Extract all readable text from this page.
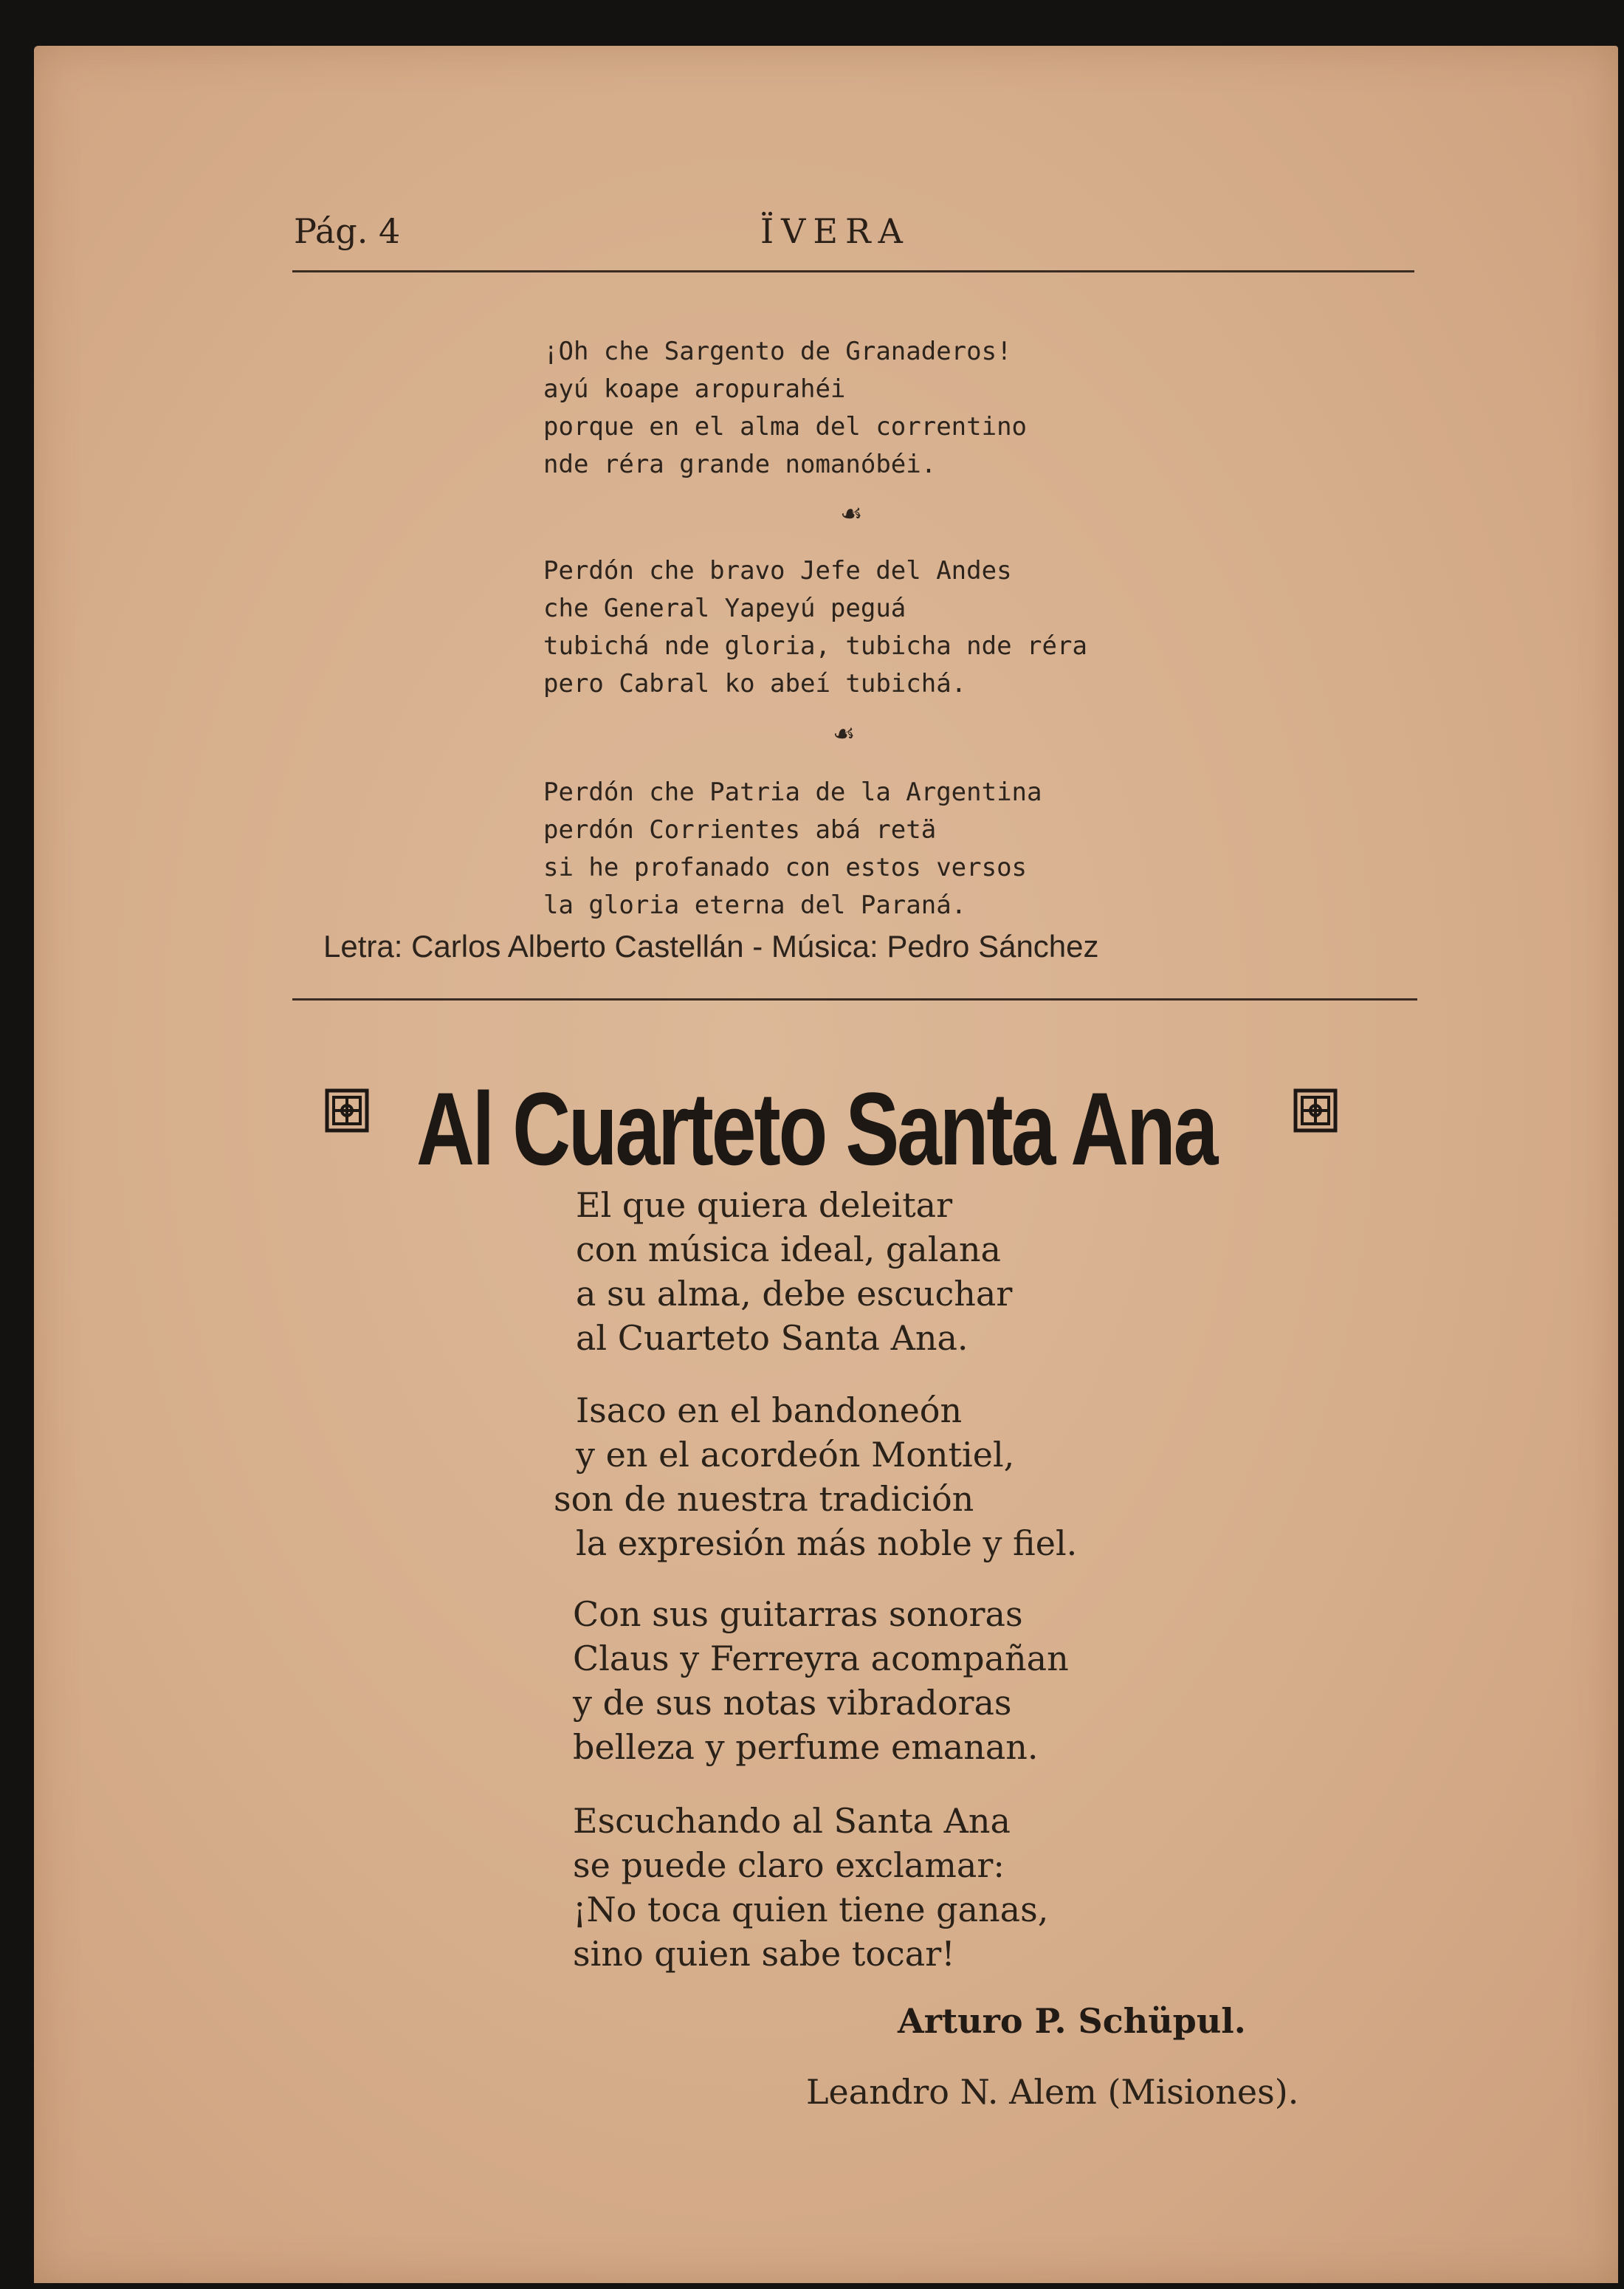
Pág. 4	ÏVERA
¡Oh che Sargento de Granaderos!
ayú koape aropurahéi
porque en el alma del correntino
nde réra grande nomanóbéi.
☙
Perdón che bravo Jefe del Andes
che General Yapeyú peguá
tubichá nde gloria, tubicha nde réra
pero Cabral ko abeí tubichá.
☙
Perdón che Patria de la Argentina
perdón Corrientes abá retä
si he profanado con estos versos
la gloria eterna del Paraná.
Letra: Carlos Alberto Castellán - Música: Pedro Sánchez
Al Cuarteto Santa Ana
El que quiera deleitar
con música ideal, galana
a su alma, debe escuchar
al Cuarteto Santa Ana.
Isaco en el bandoneón
y en el acordeón Montiel,
son de nuestra tradición
la expresión más noble y fiel.
Con sus guitarras sonoras
Claus y Ferreyra acompañan
y de sus notas vibradoras
belleza y perfume emanan.
Escuchando al Santa Ana
se puede claro exclamar:
¡No toca quien tiene ganas,
sino quien sabe tocar!
Arturo P. Schüpul.
Leandro N. Alem (Misiones).
